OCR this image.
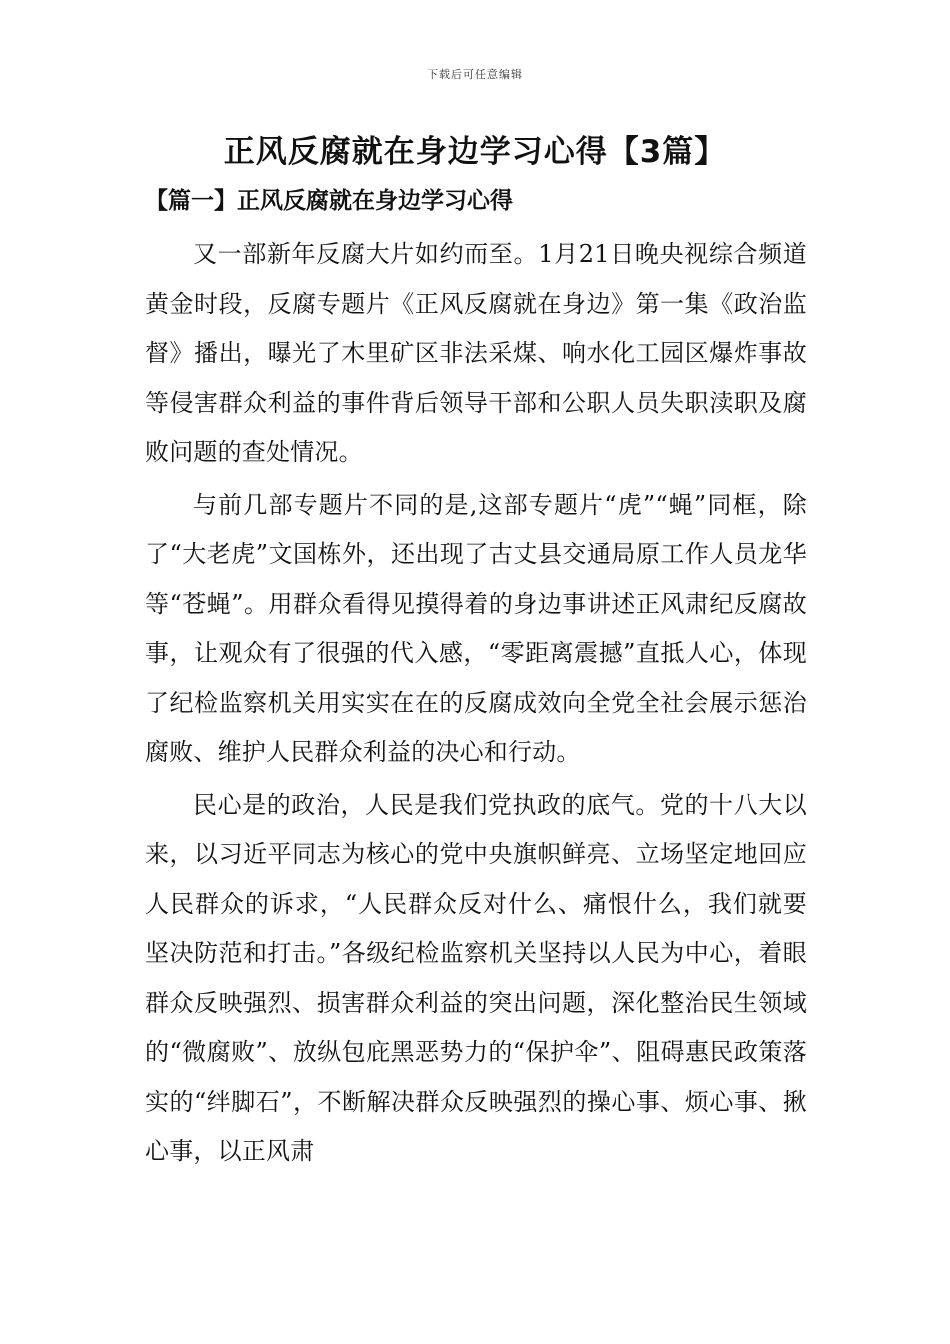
下载后可任意编辑
正风反腐就在身边学习心得【3篇】
【篇一】正风反腐就在身边学习心得

又一部新年反腐大片如约而至。1月21日晚央视综合频道黄金时段，反腐专题片《正风反腐就在身边》第一集《政治监督》播出，曝光了木里矿区非法采煤、响水化工园区爆炸事故等侵害群众利益的事件背后领导干部和公职人员失职渎职及腐败问题的查处情况。

与前几部专题片不同的是,这部专题片“虎”“蝇”同框，除了“大老虎”文国栋外，还出现了古丈县交通局原工作人员龙华等“苍蝇”。用群众看得见摸得着的身边事讲述正风肃纪反腐故事，让观众有了很强的代入感，“零距离震撼”直抵人心，体现了纪检监察机关用实实在在的反腐成效向全党全社会展示惩治腐败、维护人民群众利益的决心和行动。

民心是的政治，人民是我们党执政的底气。党的十八大以来，以习近平同志为核心的党中央旗帜鲜亮、立场坚定地回应人民群众的诉求，“人民群众反对什么、痛恨什么，我们就要坚决防范和打击。”各级纪检监察机关坚持以人民为中心，着眼群众反映强烈、损害群众利益的突出问题，深化整治民生领域的“微腐败”、放纵包庇黑恶势力的“保护伞”、阻碍惠民政策落实的“绊脚石”，不断解决群众反映强烈的操心事、烦心事、揪心事，以正风肃
